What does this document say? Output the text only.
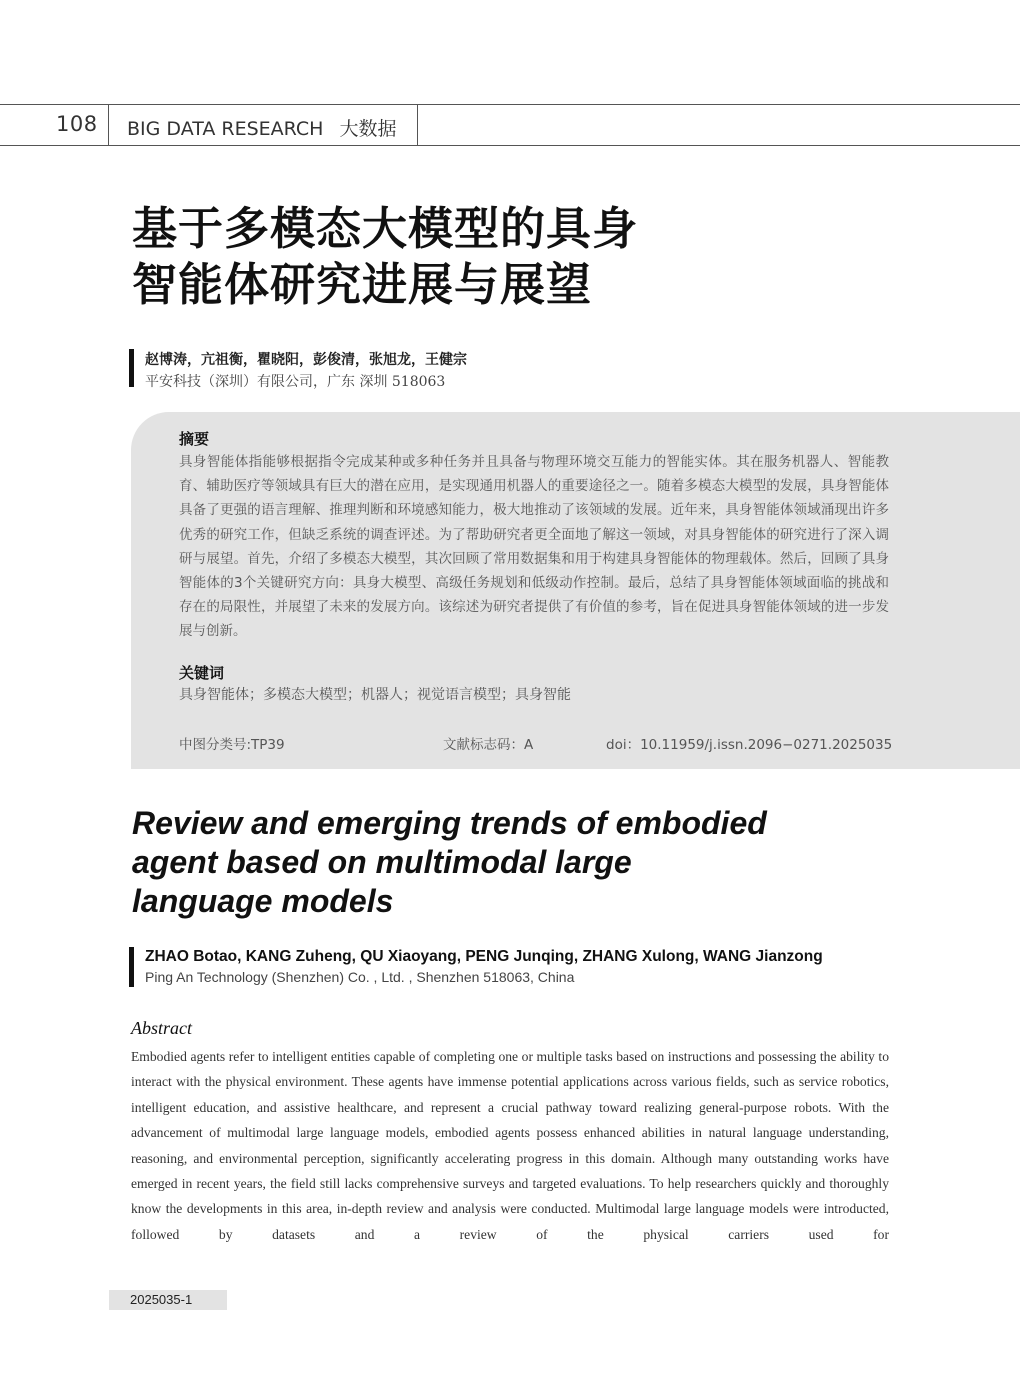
108 BIG DATA RESEARCH 大数据
基于多模态大模型的具身
智能体研究进展与展望
赵博涛，亢祖衡，瞿晓阳，彭俊清，张旭龙，王健宗
平安科技（深圳）有限公司，广东 深圳 518063
摘要
具身智能体指能够根据指令完成某种或多种任务并且具备与物理环境交互能力的智能实体。其在服务机器人、智能教育、辅助医疗等领域具有巨大的潜在应用，是实现通用机器人的重要途径之一。随着多模态大模型的发展，具身智能体具备了更强的语言理解、推理判断和环境感知能力，极大地推动了该领域的发展。近年来，具身智能体领域涌现出许多优秀的研究工作，但缺乏系统的调查评述。为了帮助研究者更全面地了解这一领域，对具身智能体的研究进行了深入调研与展望。首先，介绍了多模态大模型，其次回顾了常用数据集和用于构建具身智能体的物理载体。然后，回顾了具身智能体的3个关键研究方向：具身大模型、高级任务规划和低级动作控制。最后，总结了具身智能体领域面临的挑战和存在的局限性，并展望了未来的发展方向。该综述为研究者提供了有价值的参考，旨在促进具身智能体领域的进一步发展与创新。
关键词
具身智能体；多模态大模型；机器人；视觉语言模型；具身智能
中图分类号:TP39	文献标志码：A	doi：10.11959/j.issn.2096−0271.2025035
Review and emerging trends of embodied
agent based on multimodal large
language models
ZHAO Botao, KANG Zuheng, QU Xiaoyang, PENG Junqing, ZHANG Xulong, WANG Jianzong
Ping An Technology (Shenzhen) Co. , Ltd. , Shenzhen 518063, China
Abstract
Embodied agents refer to intelligent entities capable of completing one or multiple tasks based on instructions and possessing the ability to interact with the physical environment. These agents have immense potential applications across various fields, such as service robotics, intelligent education, and assistive healthcare, and represent a crucial pathway toward realizing general-purpose robots. With the advancement of multimodal large language models, embodied agents possess enhanced abilities in natural language understanding, reasoning, and environmental perception, significantly accelerating progress in this domain. Although many outstanding works have emerged in recent years, the field still lacks comprehensive surveys and targeted evaluations. To help researchers quickly and thoroughly know the developments in this area, in-depth review and analysis were conducted. Multimodal large language models were introducted, followed by datasets and a review of the physical carriers used for
2025035-1
